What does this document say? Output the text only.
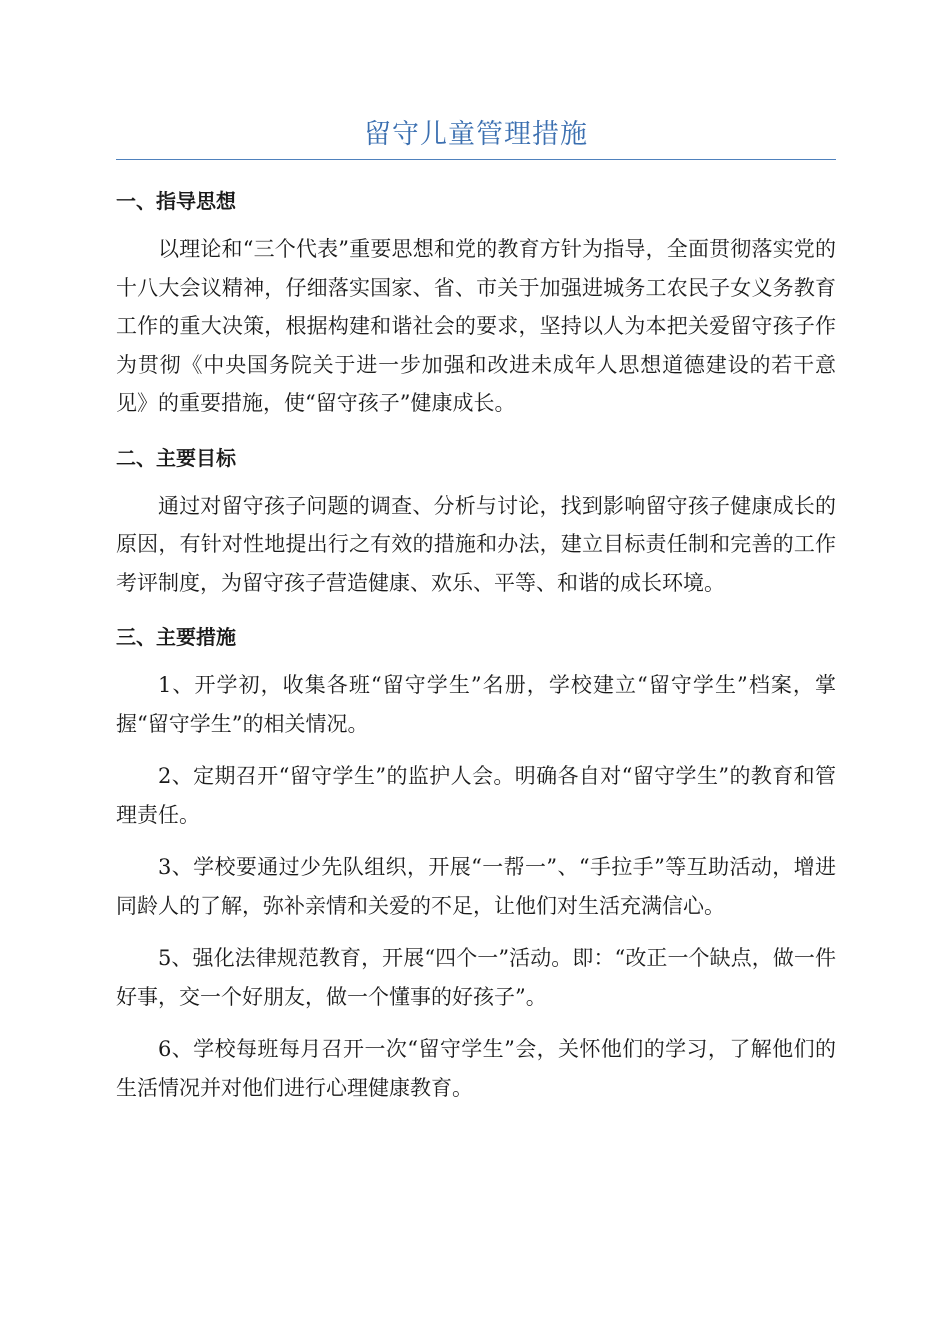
留守儿童管理措施
一、指导思想

以理论和“三个代表”重要思想和党的教育方针为指导，全面贯彻落实党的十八大会议精神，仔细落实国家、省、市关于加强进城务工农民子女义务教育工作的重大决策，根据构建和谐社会的要求，坚持以人为本把关爱留守孩子作为贯彻《中央国务院关于进一步加强和改进未成年人思想道德建设的若干意见》的重要措施，使“留守孩子”健康成长。

二、主要目标

通过对留守孩子问题的调查、分析与讨论，找到影响留守孩子健康成长的原因，有针对性地提出行之有效的措施和办法，建立目标责任制和完善的工作考评制度，为留守孩子营造健康、欢乐、平等、和谐的成长环境。

三、主要措施

1、开学初，收集各班“留守学生”名册，学校建立“留守学生”档案，掌握“留守学生”的相关情况。

2、定期召开“留守学生”的监护人会。明确各自对“留守学生”的教育和管理责任。

3、学校要通过少先队组织，开展“一帮一”、“手拉手”等互助活动，增进同龄人的了解，弥补亲情和关爱的不足，让他们对生活充满信心。

5、强化法律规范教育，开展“四个一”活动。即：“改正一个缺点，做一件好事，交一个好朋友，做一个懂事的好孩子”。

6、学校每班每月召开一次“留守学生”会，关怀他们的学习，了解他们的生活情况并对他们进行心理健康教育。
